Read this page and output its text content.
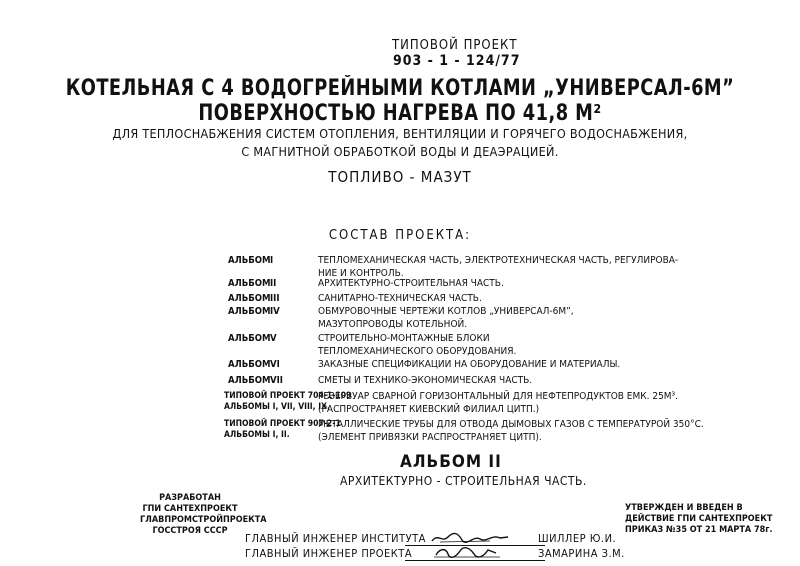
ТИПОВОЙ ПРОЕКТ
903 - 1 - 124/77
КОТЕЛЬНАЯ С 4 ВОДОГРЕЙНЫМИ КОТЛАМИ „УНИВЕРСАЛ-6М”
ПОВЕРХНОСТЬЮ НАГРЕВА ПО 41,8 М²
ДЛЯ ТЕПЛОСНАБЖЕНИЯ СИСТЕМ ОТОПЛЕНИЯ, ВЕНТИЛЯЦИИ И ГОРЯЧЕГО ВОДОСНАБЖЕНИЯ,
С МАГНИТНОЙ ОБРАБОТКОЙ ВОДЫ И ДЕАЭРАЦИЕЙ.
ТОПЛИВО - МАЗУТ
СОСТАВ ПРОЕКТА:
АЛЬБОМ I	ТЕПЛОМЕХАНИЧЕСКАЯ ЧАСТЬ, ЭЛЕКТРОТЕХНИЧЕСКАЯ ЧАСТЬ, РЕГУЛИРОВА-
НИЕ И КОНТРОЛЬ.
АЛЬБОМ II	АРХИТЕКТУРНО-СТРОИТЕЛЬНАЯ ЧАСТЬ.
АЛЬБОМ III	САНИТАРНО-ТЕХНИЧЕСКАЯ ЧАСТЬ.
АЛЬБОМ IV	ОБМУРОВОЧНЫЕ ЧЕРТЕЖИ КОТЛОВ „УНИВЕРСАЛ-6М”,
МАЗУТОПРОВОДЫ КОТЕЛЬНОЙ.
АЛЬБОМ V	СТРОИТЕЛЬНО-МОНТАЖНЫЕ БЛОКИ
ТЕПЛОМЕХАНИЧЕСКОГО ОБОРУДОВАНИЯ.
АЛЬБОМ VI	ЗАКАЗНЫЕ СПЕЦИФИКАЦИИ НА ОБОРУДОВАНИЕ И МАТЕРИАЛЫ.
АЛЬБОМ VII	СМЕТЫ И ТЕХНИКО-ЭКОНОМИЧЕСКАЯ ЧАСТЬ.
ТИПОВОЙ ПРОЕКТ 704-1-109
АЛЬБОМЫ I, VII, VIII, IX.
РЕЗЕРВУАР СВАРНОЙ ГОРИЗОНТАЛЬНЫЙ ДЛЯ НЕФТЕПРОДУКТОВ ЕМК. 25М³.
(РАСПРОСТРАНЯЕТ КИЕВСКИЙ ФИЛИАЛ ЦИТП.)
ТИПОВОЙ ПРОЕКТ 907-2-1
АЛЬБОМЫ I, II.
МЕТАЛЛИЧЕСКИЕ ТРУБЫ ДЛЯ ОТВОДА ДЫМОВЫХ ГАЗОВ С ТЕМПЕРАТУРОЙ 350°С.
(ЭЛЕМЕНТ ПРИВЯЗКИ РАСПРОСТРАНЯЕТ ЦИТП).
АЛЬБОМ II
АРХИТЕКТУРНО - СТРОИТЕЛЬНАЯ ЧАСТЬ.
РАЗРАБОТАН
ГПИ САНТЕХПРОЕКТ
ГЛАВПРОМСТРОЙПРОЕКТА
ГОССТРОЯ СССР
УТВЕРЖДЕН И ВВЕДЕН В
ДЕЙСТВИЕ ГПИ САНТЕХПРОЕКТ
ПРИКАЗ №35 ОТ 21 МАРТА 78г.
ГЛАВНЫЙ ИНЖЕНЕР ИНСТИТУТА	ШИЛЛЕР Ю.И.
ГЛАВНЫЙ ИНЖЕНЕР ПРОЕКТА	ЗАМАРИНА З.М.
